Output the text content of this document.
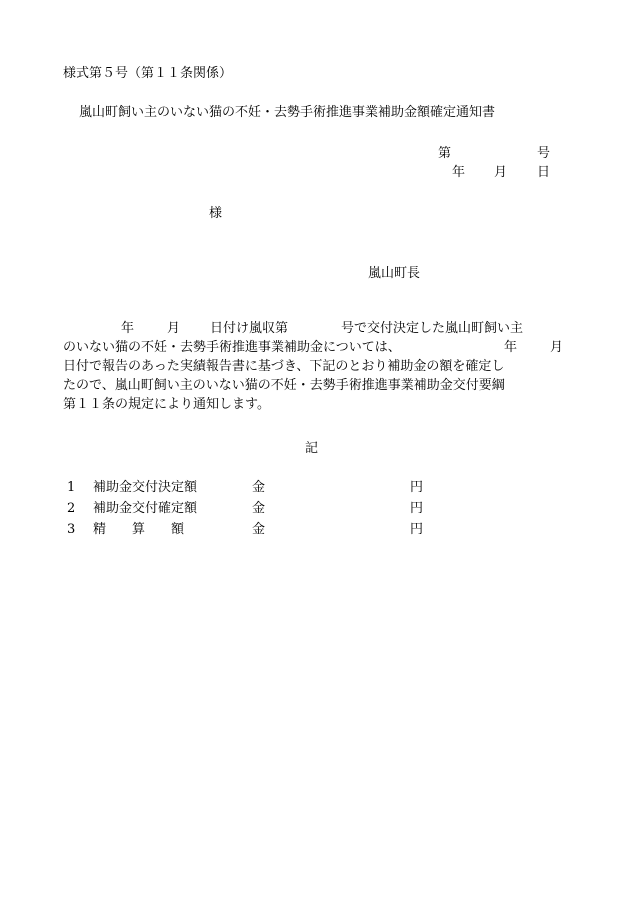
様式第５号（第１１条関係）
嵐山町飼い主のいない猫の不妊・去勢手術推進事業補助金額確定通知書
第	号
年 月 日
様
嵐山町長
年	月 日付け嵐収第	号で交付決定した嵐山町飼い主
のいない猫の不妊・去勢手術推進事業補助金については、	年	月
日付で報告のあった実績報告書に基づき、下記のとおり補助金の額を確定し
たので、嵐山町飼い主のいない猫の不妊・去勢手術推進事業補助金交付要綱
第１１条の規定により通知します。
記
1 補助金交付決定額	金	円
2 補助金交付確定額	金	円
3 精　　算　　額	金	円
